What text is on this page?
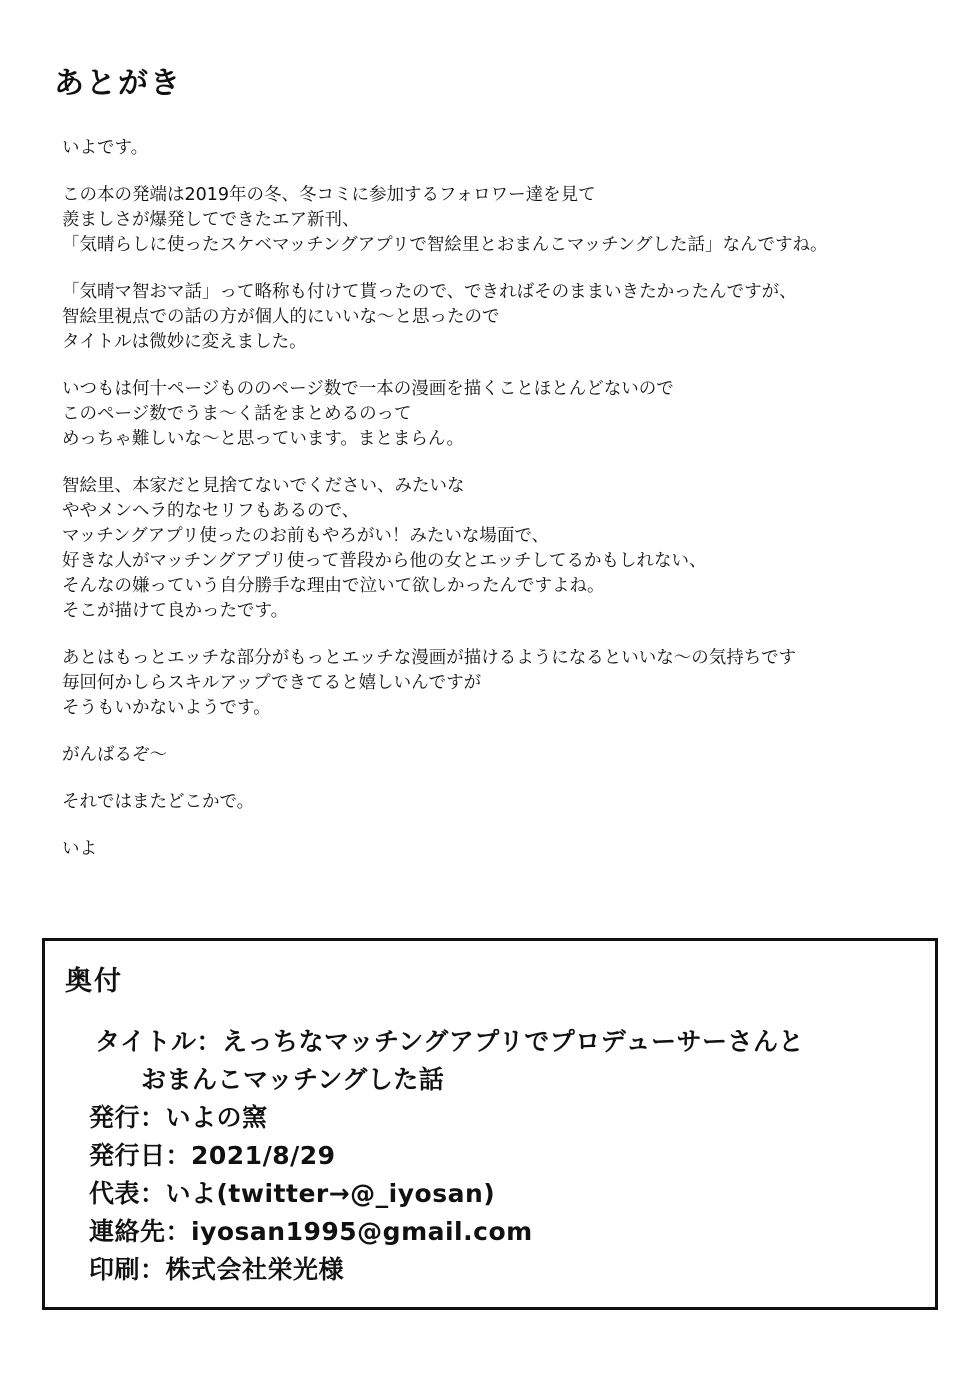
あとがき

いよです。

この本の発端は2019年の冬、冬コミに参加するフォロワー達を見て
羨ましさが爆発してできたエア新刊、
「気晴らしに使ったスケベマッチングアプリで智絵里とおまんこマッチングした話」なんですね。

「気晴マ智おマ話」って略称も付けて貰ったので、できればそのままいきたかったんですが、
智絵里視点での話の方が個人的にいいな〜と思ったので
タイトルは微妙に変えました。

いつもは何十ページもののページ数で一本の漫画を描くことほとんどないので
このページ数でうま〜く話をまとめるのって
めっちゃ難しいな〜と思っています。まとまらん。

智絵里、本家だと見捨てないでください、みたいな
ややメンヘラ的なセリフもあるので、
マッチングアプリ使ったのお前もやろがい！みたいな場面で、
好きな人がマッチングアプリ使って普段から他の女とエッチしてるかもしれない、
そんなの嫌っていう自分勝手な理由で泣いて欲しかったんですよね。
そこが描けて良かったです。

あとはもっとエッチな部分がもっとエッチな漫画が描けるようになるといいな〜の気持ちです
毎回何かしらスキルアップできてると嬉しいんですが
そうもいかないようです。

がんばるぞ〜

それではまたどこかで。

いよ

奥付
タイトル：えっちなマッチングアプリでプロデューサーさんと
おまんこマッチングした話
発行：いよの窯
発行日：2021/8/29
代表：いよ(twitter→@_iyosan)
連絡先：iyosan1995@gmail.com
印刷：株式会社栄光様
